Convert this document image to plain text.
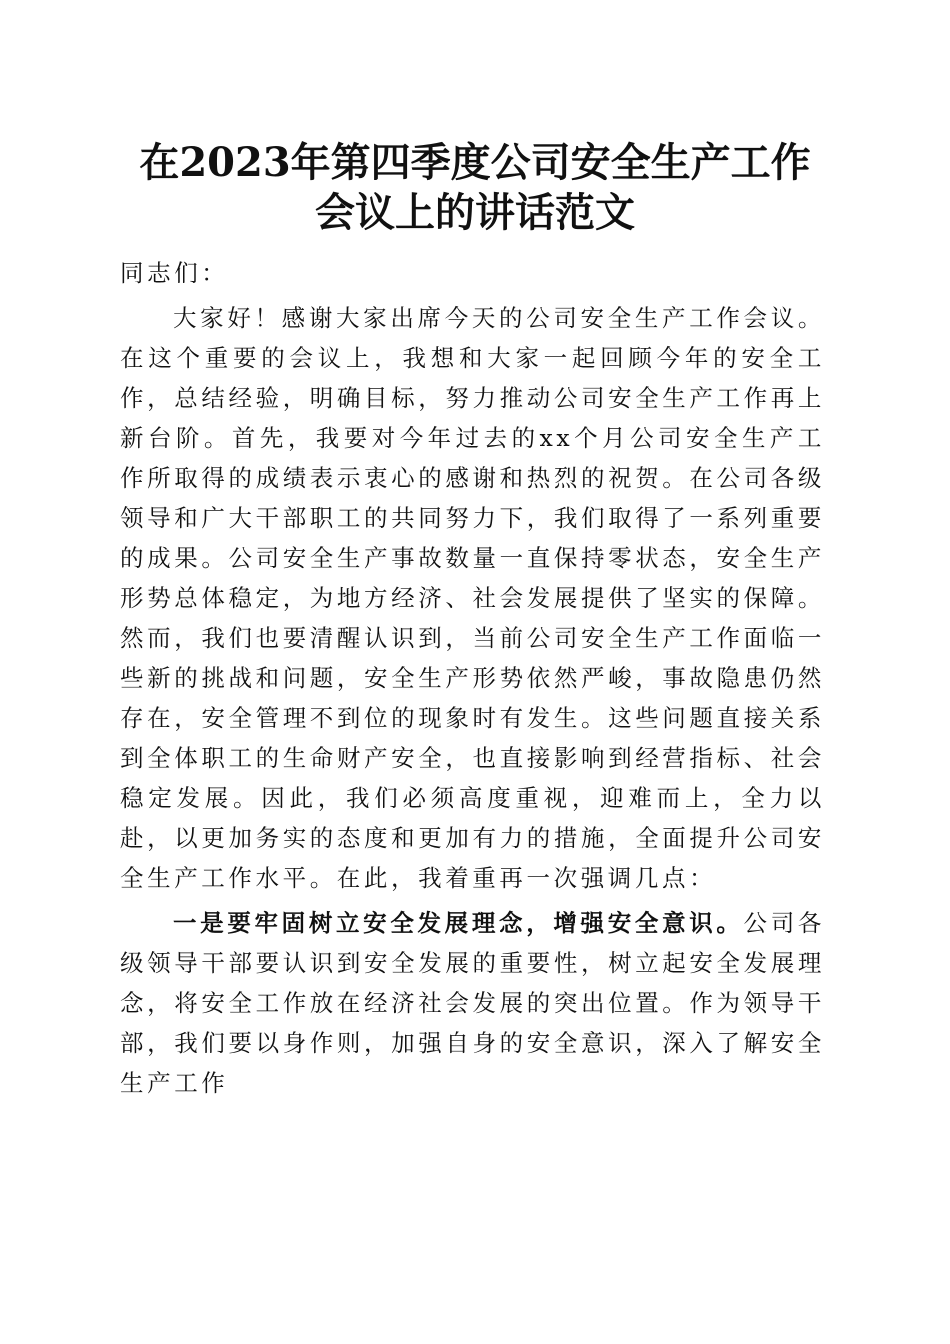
在2023年第四季度公司安全生产工作会议上的讲话范文

同志们：

大家好！感谢大家出席今天的公司安全生产工作会议。在这个重要的会议上，我想和大家一起回顾今年的安全工作，总结经验，明确目标，努力推动公司安全生产工作再上新台阶。首先，我要对今年过去的xx个月公司安全生产工作所取得的成绩表示衷心的感谢和热烈的祝贺。在公司各级领导和广大干部职工的共同努力下，我们取得了一系列重要的成果。公司安全生产事故数量一直保持零状态，安全生产形势总体稳定，为地方经济、社会发展提供了坚实的保障。然而，我们也要清醒认识到，当前公司安全生产工作面临一些新的挑战和问题，安全生产形势依然严峻，事故隐患仍然存在，安全管理不到位的现象时有发生。这些问题直接关系到全体职工的生命财产安全，也直接影响到经营指标、社会稳定发展。因此，我们必须高度重视，迎难而上，全力以赴，以更加务实的态度和更加有力的措施，全面提升公司安全生产工作水平。在此，我着重再一次强调几点：

一是要牢固树立安全发展理念，增强安全意识。公司各级领导干部要认识到安全发展的重要性，树立起安全发展理念，将安全工作放在经济社会发展的突出位置。作为领导干部，我们要以身作则，加强自身的安全意识，深入了解安全生产工作
